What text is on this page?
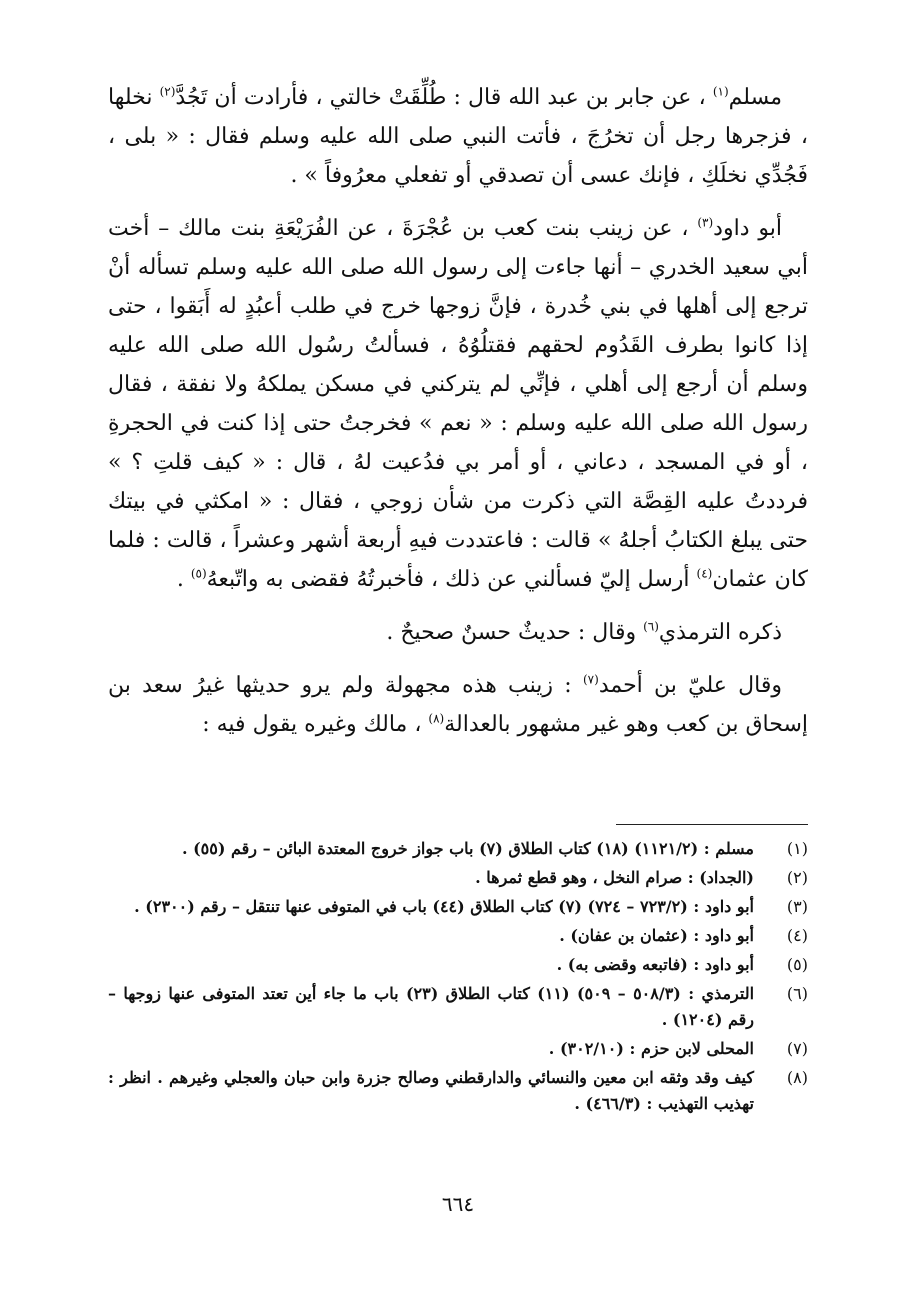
مسلم$^{(١)}$ ، عن جابر بن عبد الله قال : طُلِّقَتْ خالتي ، فأرادت أن تَجُدَّ$^{(٢)}$ نخلها ، فزجرها رجل أن تخرُجَ ، فأتت النبي صلى الله عليه وسلم فقال : « بلى ، فَجُدِّي نخلَكِ ، فإنك عسى أن تصدقي أو تفعلي معرُوفاً » .

أبو داود$^{(٣)}$ ، عن زينب بنت كعب بن عُجْرَةَ ، عن الفُرَيْعَةِ بنت مالك – أخت أبي سعيد الخدري – أنها جاءت إلى رسول الله صلى الله عليه وسلم تسأله أنْ ترجع إلى أهلها في بني خُدرة ، فإنَّ زوجها خرج في طلب أعبُدٍ له أَبَقوا ، حتى إذا كانوا بطرف القَدُوم لحقهم فقتلُوُهُ ، فسألتُ رسُول الله صلى الله عليه وسلم أن أرجع إلى أهلي ، فإنِّي لم يتركني في مسكن يملكهُ ولا نفقة ، فقال رسول الله صلى الله عليه وسلم : « نعم » فخرجتُ حتى إذا كنت في الحجرةِ ، أو في المسجد ، دعاني ، أو أمر بي فدُعيت لهُ ، قال : « كيف قلتِ ؟ » فرددتُ عليه القِصَّة التي ذكرت من شأن زوجي ، فقال : « امكثي في بيتك حتى يبلغ الكتابُ أجلهُ » قالت : فاعتددت فيهِ أربعة أشهر وعشراً ، قالت : فلما كان عثمان$^{(٤)}$ أرسل إليّ فسألني عن ذلك ، فأخبرتُهُ فقضى به واتّبعهُ$^{(٥)}$ .

ذكره الترمذي$^{(٦)}$ وقال : حديثٌ حسنٌ صحيحٌ .

وقال عليّ بن أحمد$^{(٧)}$ : زينب هذه مجهولة ولم يرو حديثها غيرُ سعد بن إسحاق بن كعب وهو غير مشهور بالعدالة$^{(٨)}$ ، مالك وغيره يقول فيه :

(١)
مسلم : (١١٢١/٢) (١٨) كتاب الطلاق (٧) باب جواز خروج المعتدة البائن – رقم (٥٥) .
(٢)
(الجداد) : صرام النخل ، وهو قطع ثمرها .
(٣)
أبو داود : (٧٢٣/٢ – ٧٢٤) (٧) كتاب الطلاق (٤٤) باب في المتوفى عنها تنتقل – رقم (٢٣٠٠) .
(٤)
أبو داود : (عثمان بن عفان) .
(٥)
أبو داود : (فاتبعه وقضى به) .
(٦)
الترمذي : (٥٠٨/٣ – ٥٠٩) (١١) كتاب الطلاق (٢٣) باب ما جاء أين تعتد المتوفى عنها زوجها – رقم (١٢٠٤) .
(٧)
المحلى لابن حزم : (٣٠٢/١٠) .
(٨)
كيف وقد وثقه ابن معين والنسائي والدارقطني وصالح جزرة وابن حبان والعجلي وغيرهم . انظر : تهذيب التهذيب : (٤٦٦/٣) .
٦٦٤
